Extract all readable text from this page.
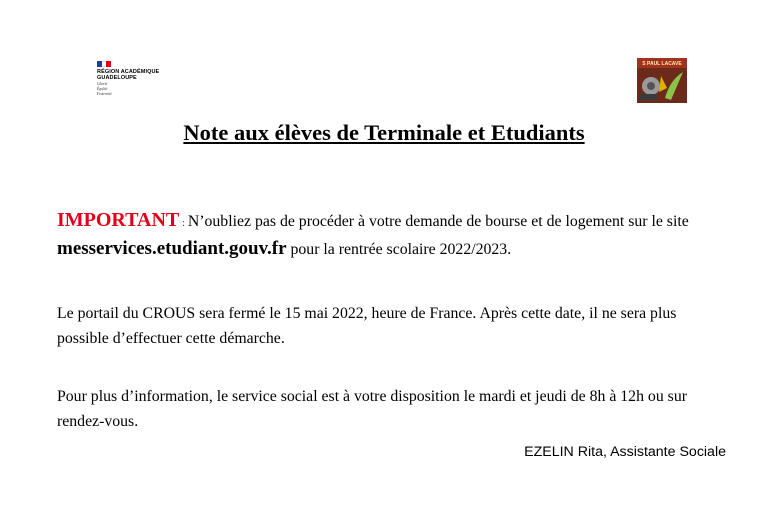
RÉGION ACADÉMIQUE
GUADELOUPE
Liberté
Égalité
Fraternité
S PAUL LACAVE
Note aux élèves de Terminale et Etudiants
IMPORTANT : N’oubliez pas de procéder à votre demande de bourse et de logement sur le site messervices.etudiant.gouv.fr pour la rentrée scolaire 2022/2023.
Le portail du CROUS sera fermé le 15 mai 2022, heure de France. Après cette date, il ne sera plus possible d’effectuer cette démarche.
Pour plus d’information, le service social est à votre disposition le mardi et jeudi de 8h à 12h ou sur rendez-vous.
EZELIN Rita, Assistante Sociale
